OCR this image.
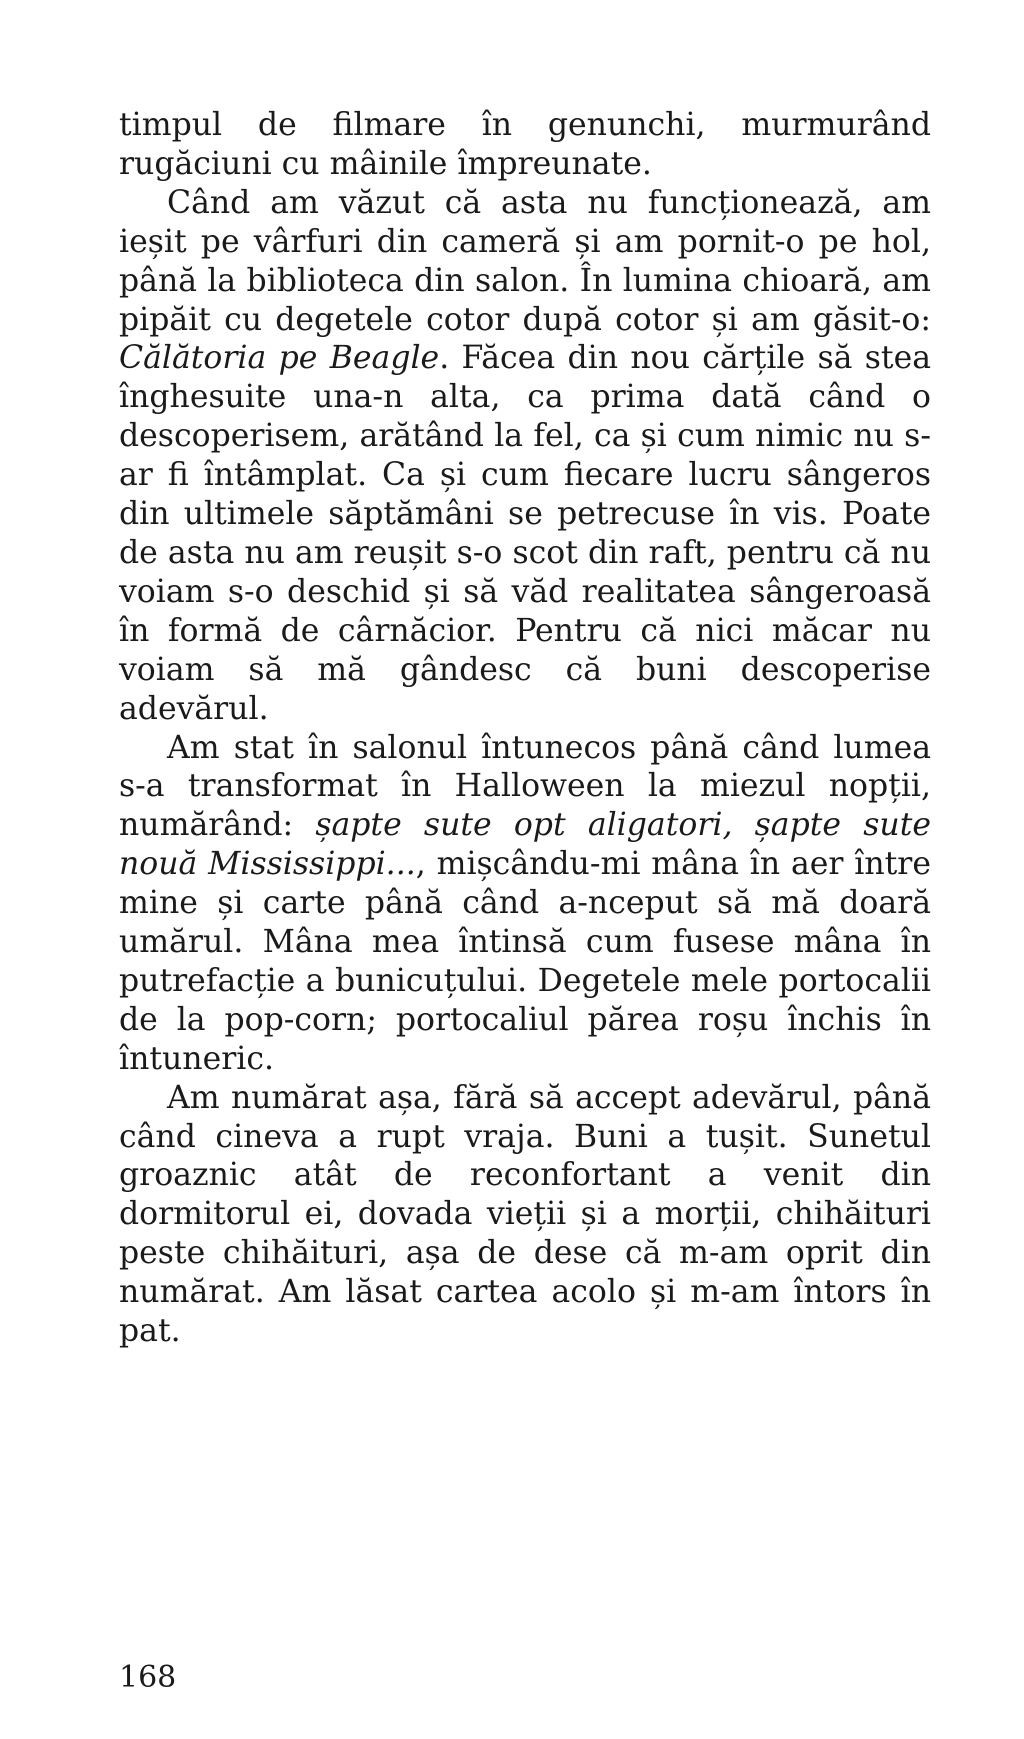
timpul de filmare în genunchi, murmurând rugăciuni cu mâinile împreunate.

Când am văzut că asta nu funcționează, am ieșit pe vârfuri din cameră și am pornit-o pe hol, până la biblioteca din salon. În lumina chioară, am pipăit cu degetele cotor după cotor și am găsit-o: Călătoria pe Beagle. Făcea din nou cărțile să stea înghesuite una-n alta, ca prima dată când o descoperisem, arătând la fel, ca și cum nimic nu s-ar fi întâmplat. Ca și cum fiecare lucru sângeros din ultimele săptămâni se petrecuse în vis. Poate de asta nu am reușit s-o scot din raft, pentru că nu voiam s-o deschid și să văd realitatea sângeroasă în formă de cârnăcior. Pentru că nici măcar nu voiam să mă gândesc că buni descoperise adevărul.

Am stat în salonul întunecos până când lumea s-a transformat în Halloween la miezul nopții, numărând: șapte sute opt aligatori, șapte sute nouă Mississippi..., mișcându-mi mâna în aer între mine și carte până când a-nceput să mă doară umărul. Mâna mea întinsă cum fusese mâna în putrefacție a bunicuțului. Degetele mele portocalii de la pop-corn; portocaliul părea roșu închis în întuneric.

Am numărat așa, fără să accept adevărul, până când cineva a rupt vraja. Buni a tușit. Sunetul groaznic atât de reconfortant a venit din dormitorul ei, dovada vieții și a morții, chihăituri peste chihăituri, așa de dese că m-am oprit din numărat. Am lăsat cartea acolo și m-am întors în pat.

168
